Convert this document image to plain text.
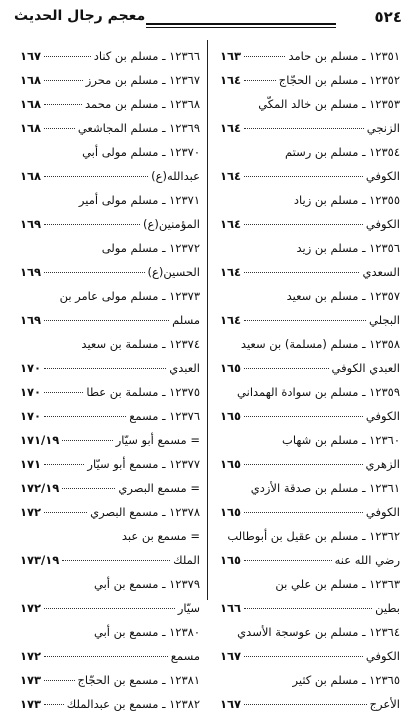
٥٢٤
معجم رجال الحديث
١٢٣٥١ ـ مسلم بن حامد
١٦٣
١٢٣٥٢ ـ مسلم بن الحجّاج
١٦٤
١٢٣٥٣ ـ مسلم بن خالد المكّي
الزنجي
١٦٤
١٢٣٥٤ ـ مسلم بن رستم
الكوفي
١٦٤
١٢٣٥٥ ـ مسلم بن زياد
الكوفي
١٦٤
١٢٣٥٦ ـ مسلم بن زيد
السعدي
١٦٤
١٢٣٥٧ ـ مسلم بن سعيد
البجلي
١٦٤
١٢٣٥٨ ـ مسلم (مسلمة) بن سعيد
العبدي الكوفي
١٦٥
١٢٣٥٩ ـ مسلم بن سوادة الهمداني
الكوفي
١٦٥
١٢٣٦٠ ـ مسلم بن شهاب
الزهري
١٦٥
١٢٣٦١ ـ مسلم بن صدقة الأزدي
الكوفي
١٦٥
١٢٣٦٢ ـ مسلم بن عقيل بن أبوطالب
رضي الله عنه
١٦٥
١٢٣٦٣ ـ مسلم بن علي بن
بطين
١٦٦
١٢٣٦٤ ـ مسلم بن عوسجة الأسدي
الكوفي
١٦٧
١٢٣٦٥ ـ مسلم بن كثير
الأعرج
١٦٧
١٢٣٦٦ ـ مسلم بن كناد
١٦٧
١٢٣٦٧ ـ مسلم بن محرز
١٦٨
١٢٣٦٨ ـ مسلم بن محمد
١٦٨
١٢٣٦٩ ـ مسلم المجاشعي
١٦٨
١٢٣٧٠ ـ مسلم مولى أبي
عبدالله(ع)
١٦٨
١٢٣٧١ ـ مسلم مولى أمير
المؤمنين(ع)
١٦٩
١٢٣٧٢ ـ مسلم مولى
الحسين(ع)
١٦٩
١٢٣٧٣ ـ مسلم مولى عامر بن
مسلم
١٦٩
١٢٣٧٤ ـ مسلمة بن سعيد
العبدي
١٧٠
١٢٣٧٥ ـ مسلمة بن عطا
١٧٠
١٢٣٧٦ ـ مسمع
١٧٠
= مسمع أبو سيّار
١٧١/١٩
١٢٣٧٧ ـ مسمع أبو سيّار
١٧١
= مسمع البصري
١٧٢/١٩
١٢٣٧٨ ـ مسمع البصري
١٧٢
= مسمع بن عبد
الملك
١٧٣/١٩
١٢٣٧٩ ـ مسمع بن أبي
سيّار
١٧٢
١٢٣٨٠ ـ مسمع بن أبي
مسمع
١٧٢
١٢٣٨١ ـ مسمع بن الحجّاج
١٧٣
١٢٣٨٢ ـ مسمع بن عبدالملك
١٧٣
